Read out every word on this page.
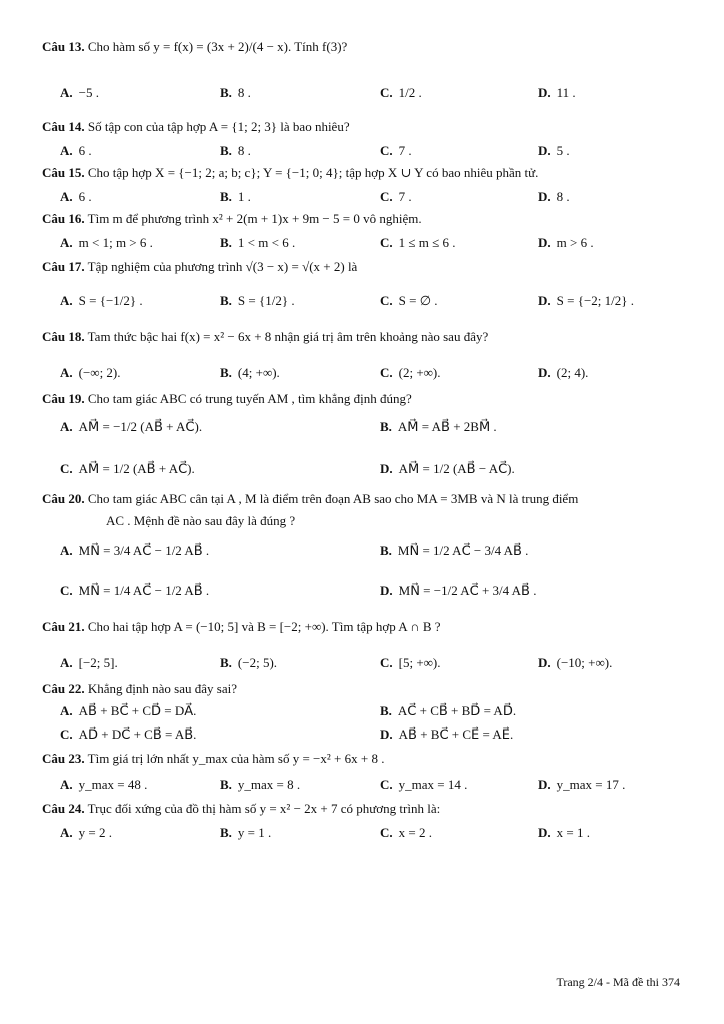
Câu 13. Cho hàm số y = f(x) = (3x + 2)/(4 − x). Tính f(3)?
A. −5 .	B. 8 .	C. 1/2 .	D. 11 .
Câu 14. Số tập con của tập hợp A = {1; 2; 3} là bao nhiêu?
A. 6 .	B. 8 .	C. 7 .	D. 5 .
Câu 15. Cho tập hợp X = {−1; 2; a; b; c}; Y = {−1; 0; 4}; tập hợp X ∪ Y có bao nhiêu phần tử.
A. 6 .	B. 1 .	C. 7 .	D. 8 .
Câu 16. Tìm m để phương trình x² + 2(m + 1)x + 9m − 5 = 0 vô nghiệm.
A. m < 1; m > 6 .	B. 1 < m < 6 .	C. 1 ≤ m ≤ 6 .	D. m > 6 .
Câu 17. Tập nghiệm của phương trình √(3 − x) = √(x + 2) là
A. S = {−1/2} .	B. S = {1/2} .	C. S = ∅ .	D. S = {−2; 1/2} .
Câu 18. Tam thức bậc hai f(x) = x² − 6x + 8 nhận giá trị âm trên khoảng nào sau đây?
A. (−∞; 2).	B. (4; +∞).	C. (2; +∞).	D. (2; 4).
Câu 19. Cho tam giác ABC có trung tuyến AM , tìm khẳng định đúng?
A. AM⃗ = −1/2 (AB⃗ + AC⃗).	B. AM⃗ = AB⃗ + 2BM⃗ .
C. AM⃗ = 1/2 (AB⃗ + AC⃗).	D. AM⃗ = 1/2 (AB⃗ − AC⃗).
Câu 20. Cho tam giác ABC cân tại A , M là điểm trên đoạn AB sao cho MA = 3MB và N là trung điểm
AC . Mệnh đề nào sau đây là đúng ?
A. MN⃗ = 3/4 AC⃗ − 1/2 AB⃗ .	B. MN⃗ = 1/2 AC⃗ − 3/4 AB⃗ .
C. MN⃗ = 1/4 AC⃗ − 1/2 AB⃗ .	D. MN⃗ = −1/2 AC⃗ + 3/4 AB⃗ .
Câu 21. Cho hai tập hợp A = (−10; 5] và B = [−2; +∞). Tìm tập hợp A ∩ B ?
A. [−2; 5].	B. (−2; 5).	C. [5; +∞).	D. (−10; +∞).
Câu 22. Khẳng định nào sau đây sai?
A. AB⃗ + BC⃗ + CD⃗ = DA⃗.	B. AC⃗ + CB⃗ + BD⃗ = AD⃗.
C. AD⃗ + DC⃗ + CB⃗ = AB⃗.	D. AB⃗ + BC⃗ + CE⃗ = AE⃗.
Câu 23. Tìm giá trị lớn nhất y_max của hàm số y = −x² + 6x + 8 .
A. y_max = 48 .	B. y_max = 8 .	C. y_max = 14 .	D. y_max = 17 .
Câu 24. Trục đối xứng của đồ thị hàm số y = x² − 2x + 7 có phương trình là:
A. y = 2 .	B. y = 1 .	C. x = 2 .	D. x = 1 .
Trang 2/4 - Mã đề thi 374
